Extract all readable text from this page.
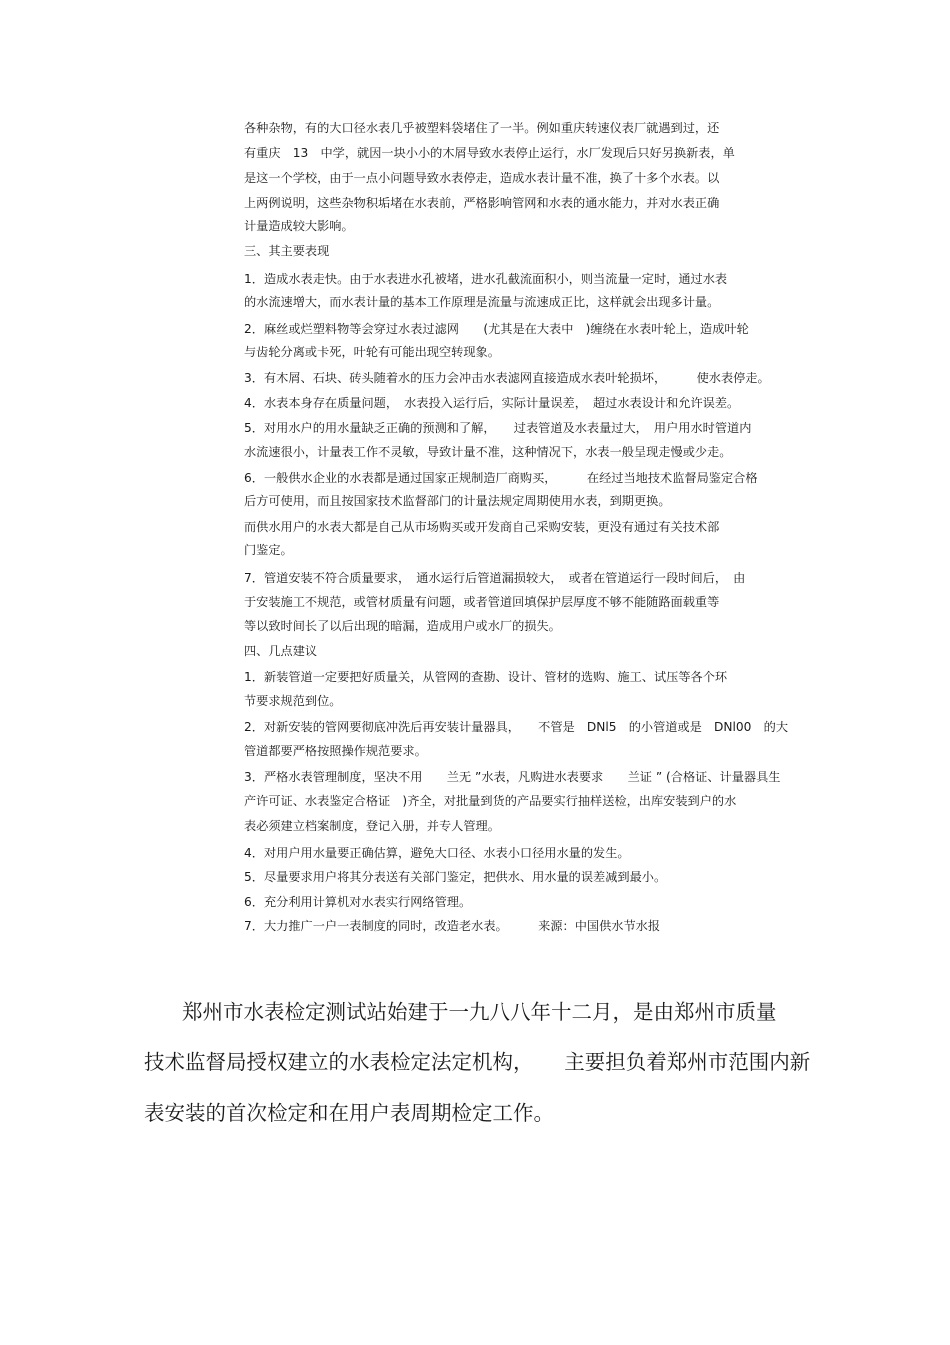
各种杂物，有的大口径水表几乎被塑料袋堵住了一半。例如重庆转速仪表厂就遇到过，还
有重庆　13　中学，就因一块小小的木屑导致水表停止运行，水厂发现后只好另换新表，单
是这一个学校，由于一点小问题导致水表停走，造成水表计量不准，换了十多个水表。以
上两例说明，这些杂物积垢堵在水表前，严格影响管网和水表的通水能力，并对水表正确
计量造成较大影响。
三、其主要表现
1．造成水表走快。由于水表进水孔被堵，进水孔截流面积小，则当流量一定时，通过水表
的水流速增大，而水表计量的基本工作原理是流量与流速成正比，这样就会出现多计量。
2．麻丝或烂塑料物等会穿过水表过滤网　　(尤其是在大表中　)缠绕在水表叶轮上，造成叶轮
与齿轮分离或卡死，叶轮有可能出现空转现象。
3．有木屑、石块、砖头随着水的压力会冲击水表滤网直接造成水表叶轮损坏，　　　使水表停走。
4．水表本身存在质量问题，　水表投入运行后，实际计量误差，　超过水表设计和允许误差。
5．对用水户的用水量缺乏正确的预测和了解，　　过表管道及水表量过大，　用户用水时管道内
水流速很小，计量表工作不灵敏，导致计量不准，这种情况下，水表一般呈现走慢或少走。
6．一般供水企业的水表都是通过国家正规制造厂商购买，　　　在经过当地技术监督局鉴定合格
后方可使用，而且按国家技术监督部门的计量法规定周期使用水表，到期更换。
而供水用户的水表大都是自己从市场购买或开发商自己采购安装，更没有通过有关技术部
门鉴定。
7．管道安装不符合质量要求，　通水运行后管道漏损较大，　或者在管道运行一段时间后，　由
于安装施工不规范，或管材质量有问题，或者管道回填保护层厚度不够不能随路面载重等
等以致时间长了以后出现的暗漏，造成用户或水厂的损失。
四、几点建议
1．新装管道一定要把好质量关，从管网的查勘、设计、管材的选购、施工、试压等各个环
节要求规范到位。
2．对新安装的管网要彻底冲洗后再安装计量器具，　　不管是　DNl5　的小管道或是　DNl00　的大
管道都要严格按照操作规范要求。
3．严格水表管理制度，坚决不用　　兰无 ”水表，凡购进水表要求　　兰证 ” (合格证、计量器具生
产许可证、水表鉴定合格证　)齐全，对批量到货的产品要实行抽样送检，出库安装到户的水
表必须建立档案制度，登记入册，并专人管理。
4．对用户用水量要正确估算，避免大口径、水表小口径用水量的发生。
5．尽量要求用户将其分表送有关部门鉴定，把供水、用水量的误差减到最小。
6．充分利用计算机对水表实行网络管理。
7．大力推广一户一表制度的同时，改造老水表。　　　来源：中国供水节水报
郑州市水表检定测试站始建于一九八八年十二月，是由郑州市质量
技术监督局授权建立的水表检定法定机构，　　主要担负着郑州市范围内新
表安装的首次检定和在用户表周期检定工作。
